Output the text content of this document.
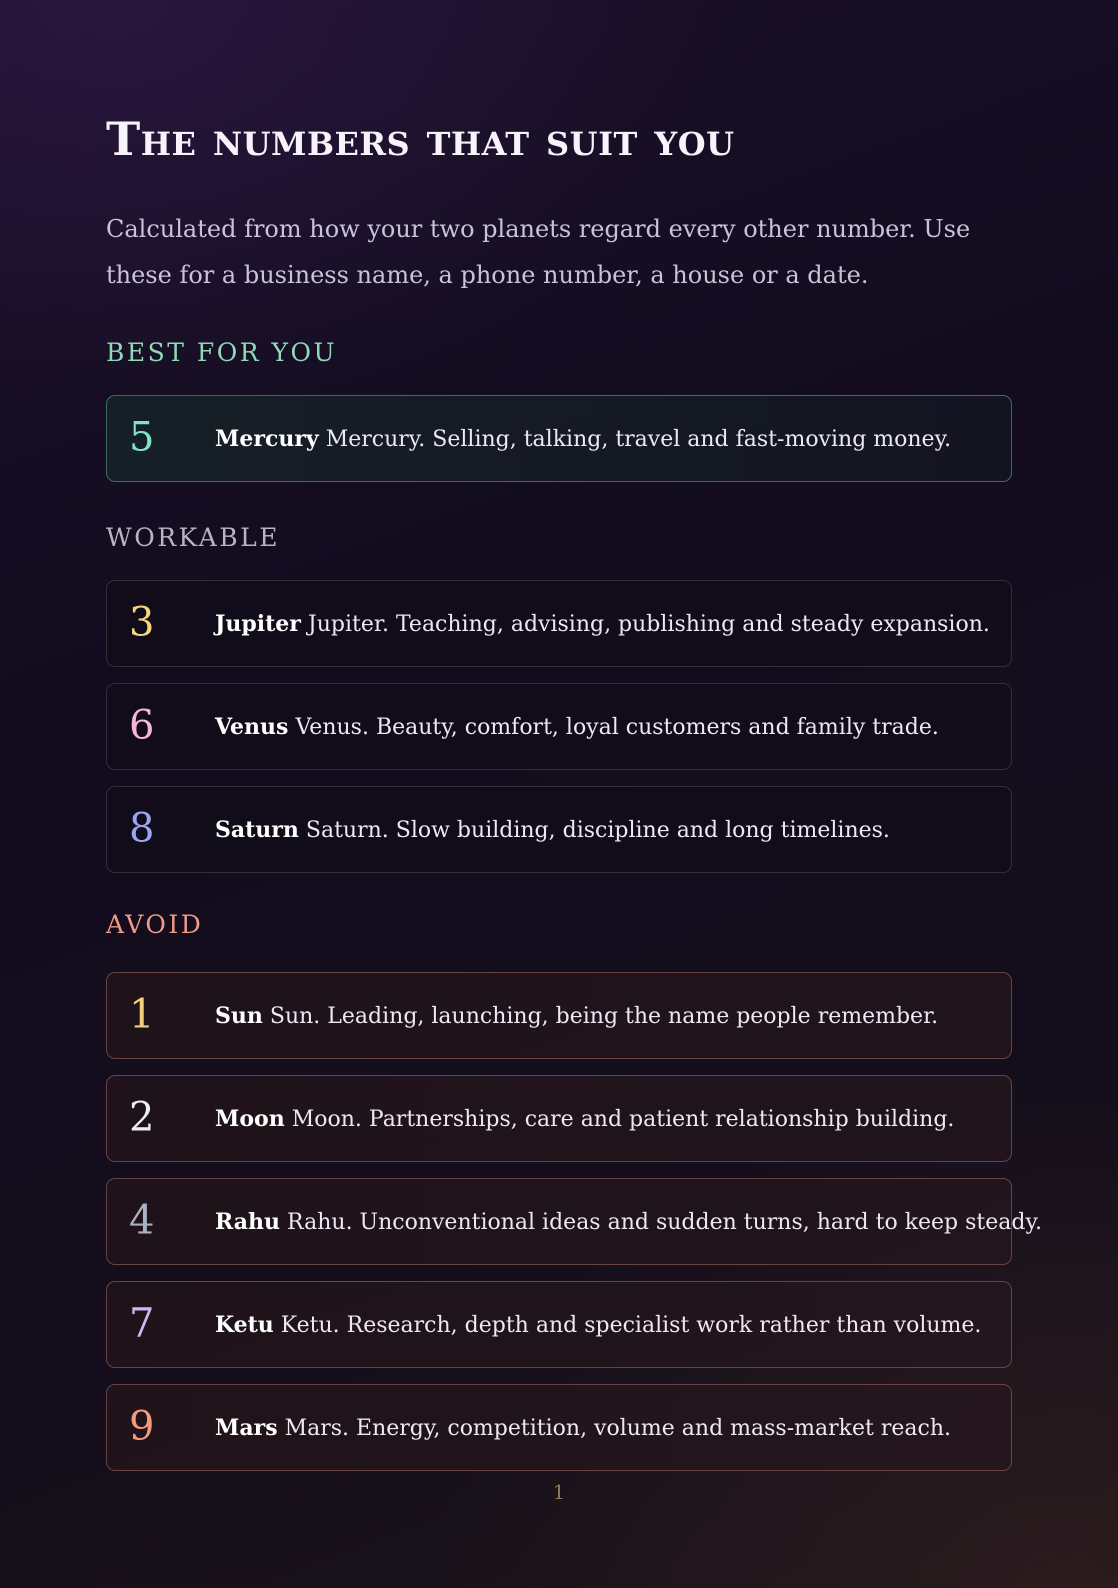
The numbers that suit you

Calculated from how your two planets regard every other number. Use these for a business name, a phone number, a house or a date.

BEST FOR YOU
5	Mercury Mercury. Selling, talking, travel and fast-moving money.
WORKABLE
3	Jupiter Jupiter. Teaching, advising, publishing and steady expansion.
6	Venus Venus. Beauty, comfort, loyal customers and family trade.
8	Saturn Saturn. Slow building, discipline and long timelines.
AVOID
1	Sun Sun. Leading, launching, being the name people remember.
2	Moon Moon. Partnerships, care and patient relationship building.
4	Rahu Rahu. Unconventional ideas and sudden turns, hard to keep steady.
7	Ketu Ketu. Research, depth and specialist work rather than volume.
9	Mars Mars. Energy, competition, volume and mass-market reach.
1
